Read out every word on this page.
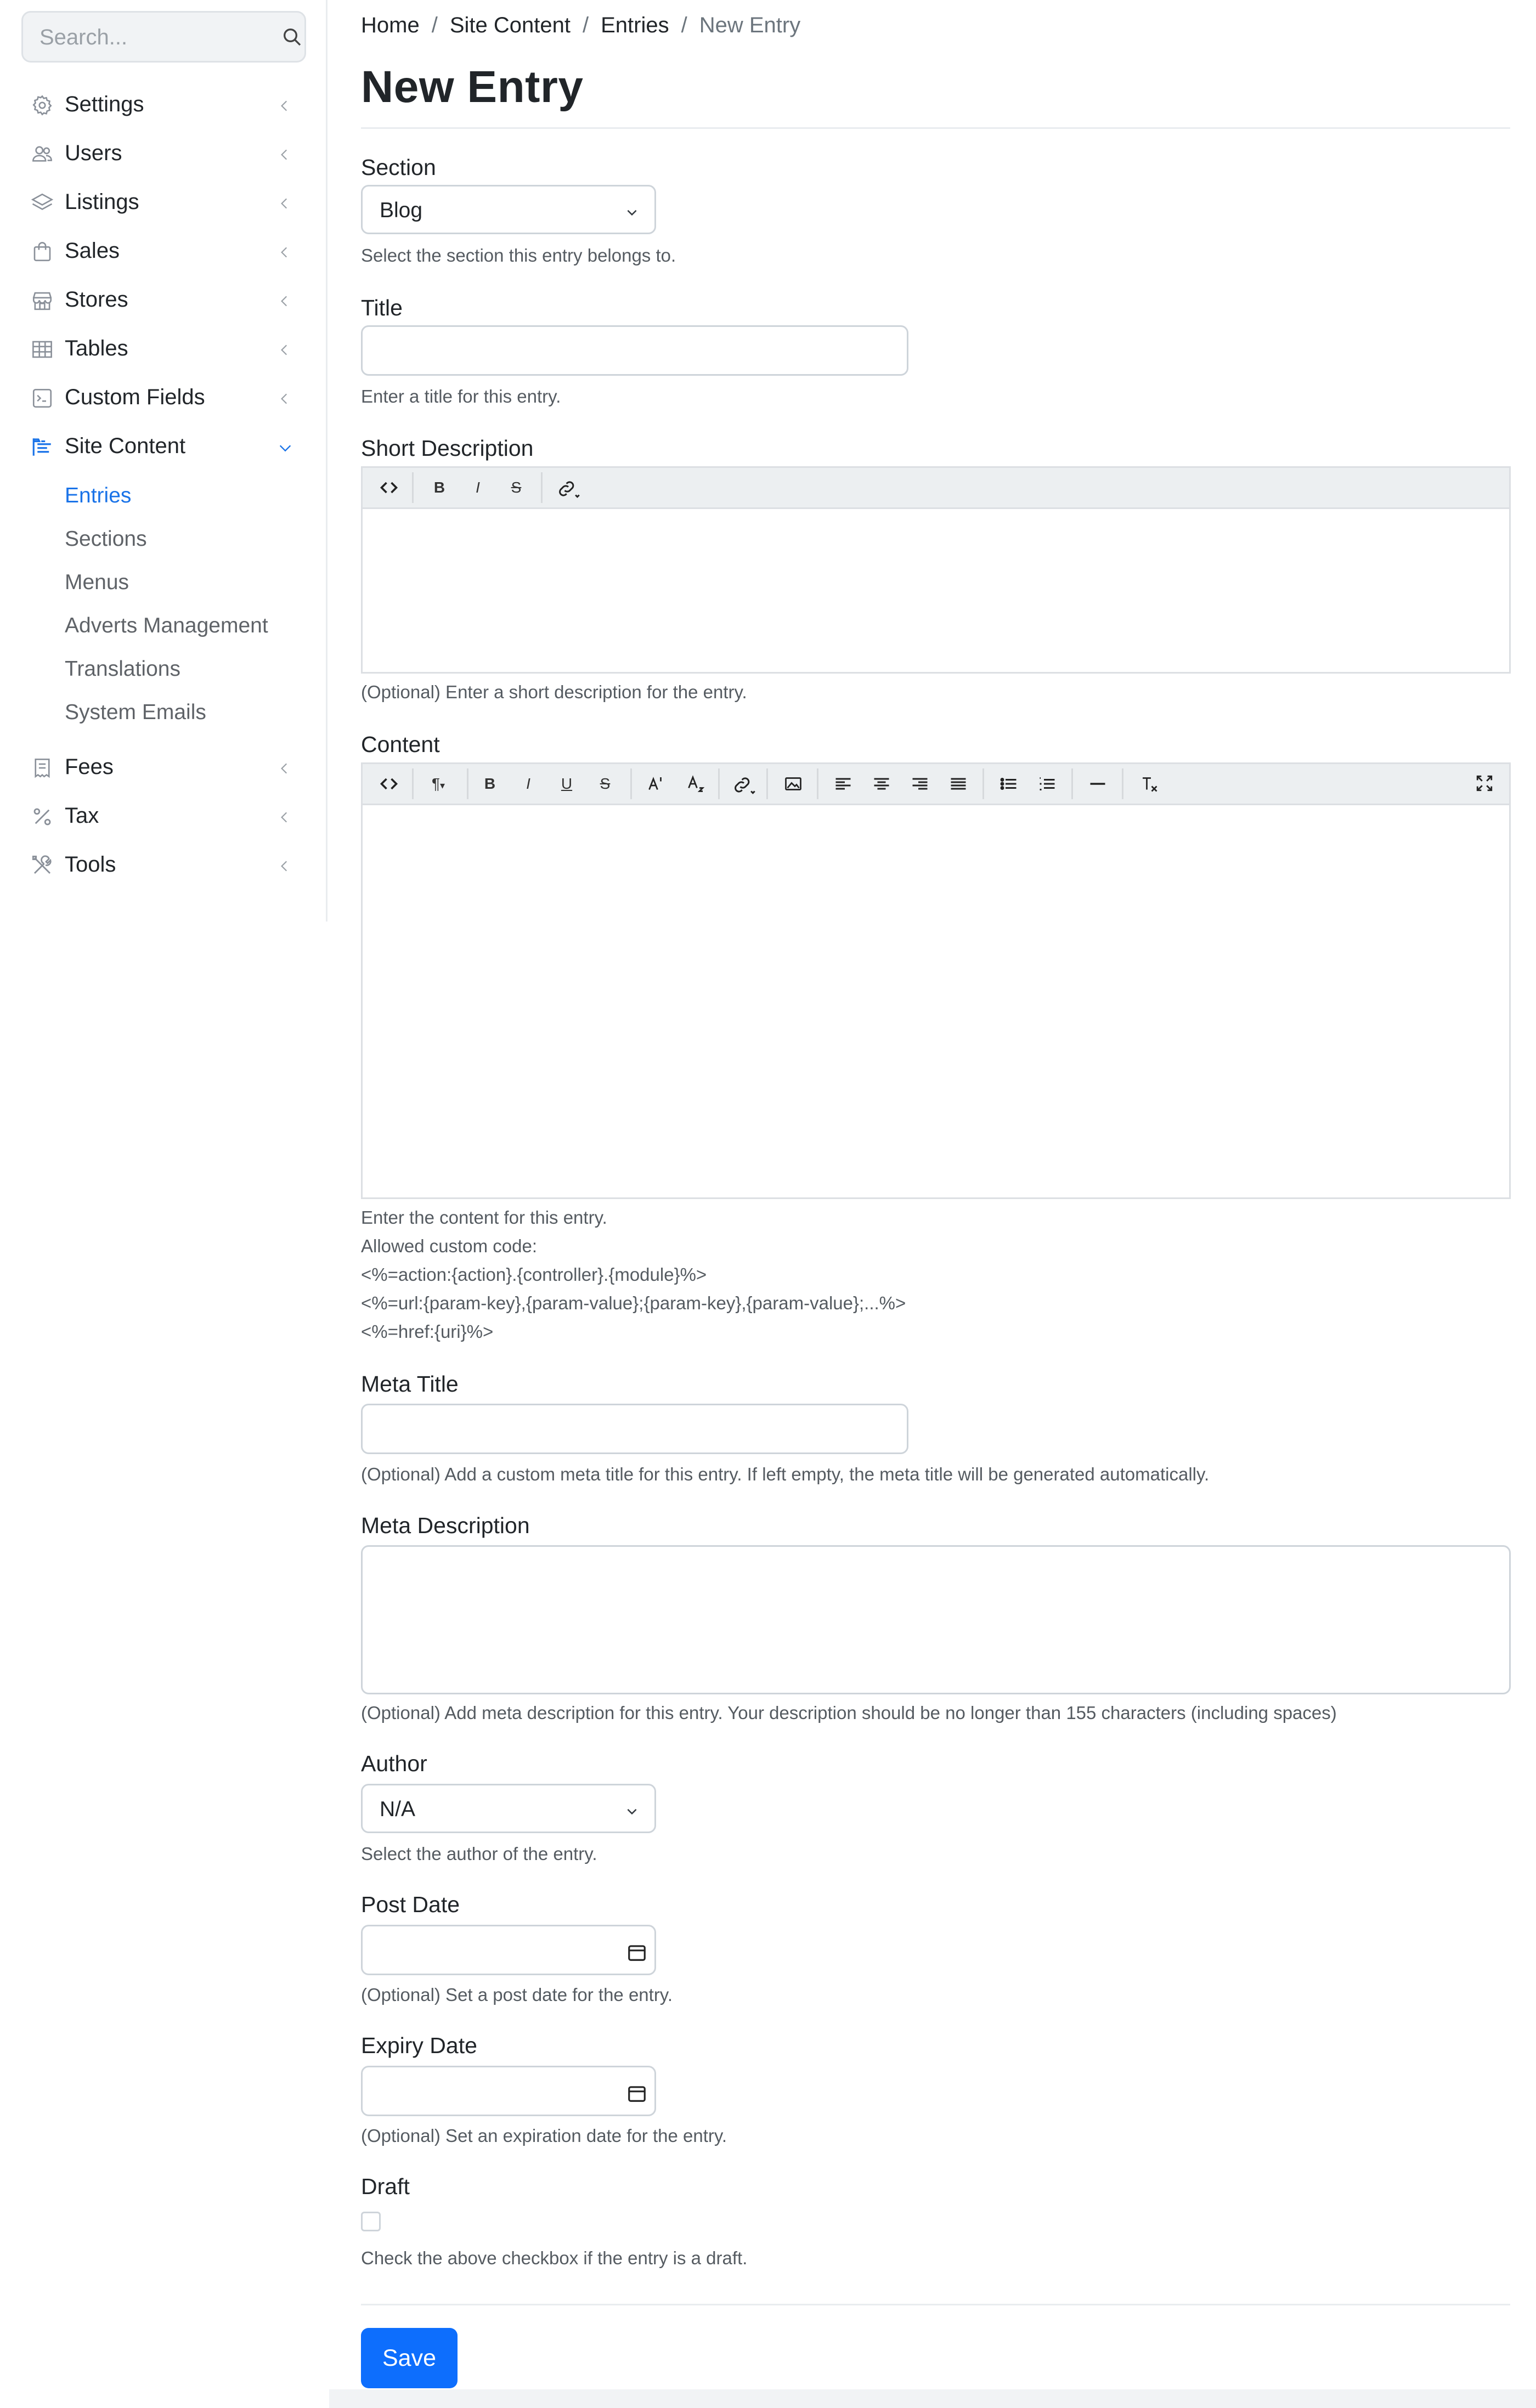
Search...
Settings
Users
Listings
Sales
Stores
Tables
Custom Fields
Site Content
Entries
Sections
Menus
Adverts Management
Translations
System Emails
Fees
Tax
Tools
Home / Site Content / Entries / New Entry
New Entry
Section
Blog
Select the section this entry belongs to.
Title
Enter a title for this entry.
Short Description
B	I	S
(Optional) Enter a short description for the entry.
Content
¶▾	B	I	U	S
Enter the content for this entry.
Allowed custom code:
<%=action:{action}.{controller}.{module}%>
<%=url:{param-key},{param-value};{param-key},{param-value};...%>
<%=href:{uri}%>
Meta Title
(Optional) Add a custom meta title for this entry. If left empty, the meta title will be generated automatically.
Meta Description
(Optional) Add meta description for this entry. Your description should be no longer than 155 characters (including spaces)
Author
N/A
Select the author of the entry.
Post Date
(Optional) Set a post date for the entry.
Expiry Date
(Optional) Set an expiration date for the entry.
Draft
Check the above checkbox if the entry is a draft.
Save
